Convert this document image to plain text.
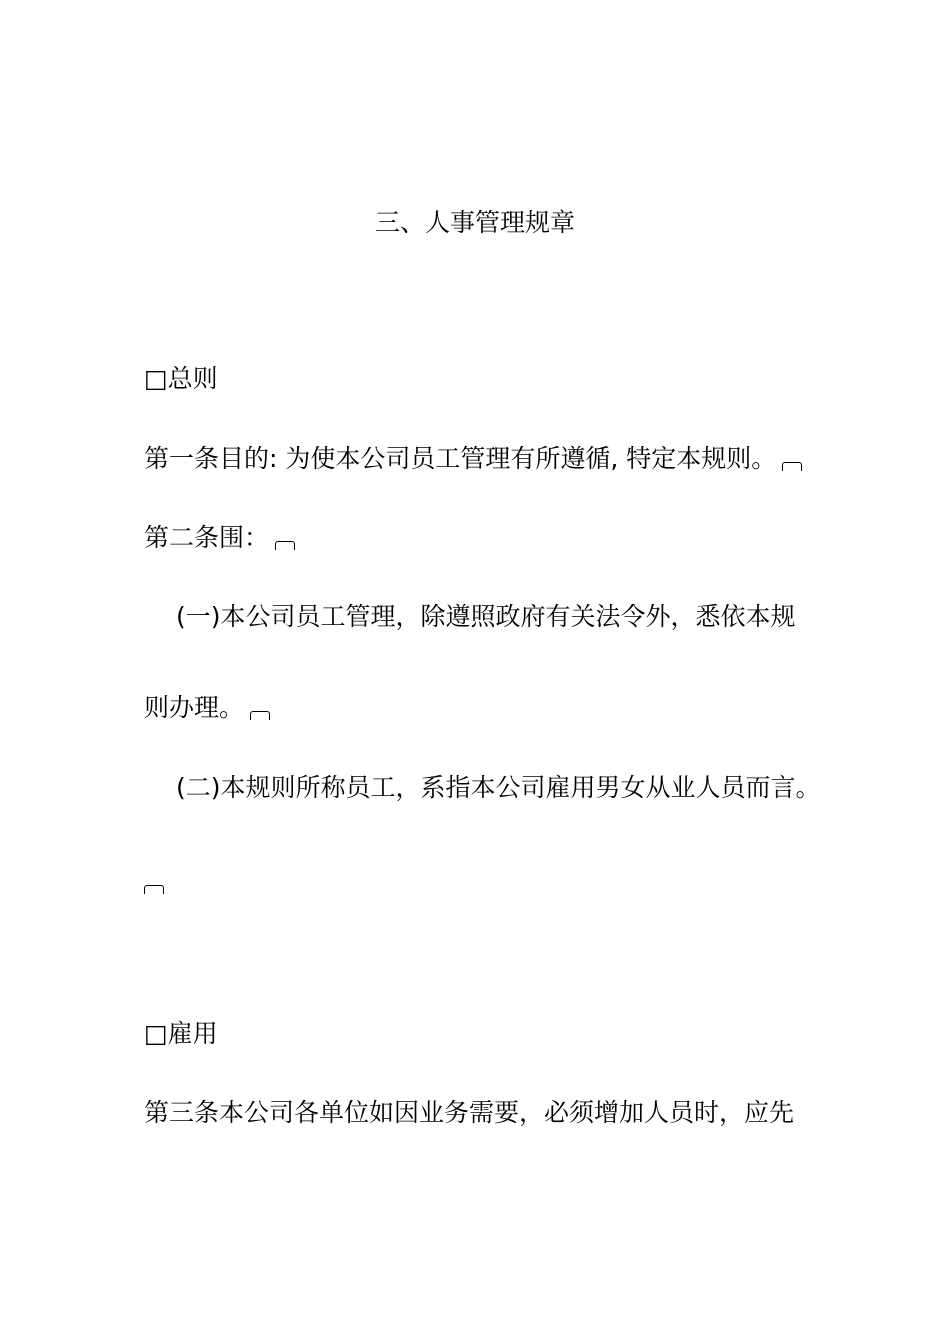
三、人事管理规章
□总则
第一条目的: 为使本公司员工管理有所遵循, 特定本规则。
第二条围：
(一)本公司员工管理，除遵照政府有关法令外，悉依本规
则办理。
(二)本规则所称员工，系指本公司雇用男女从业人员而言。
□雇用
第三条本公司各单位如因业务需要，必须增加人员时，应先
